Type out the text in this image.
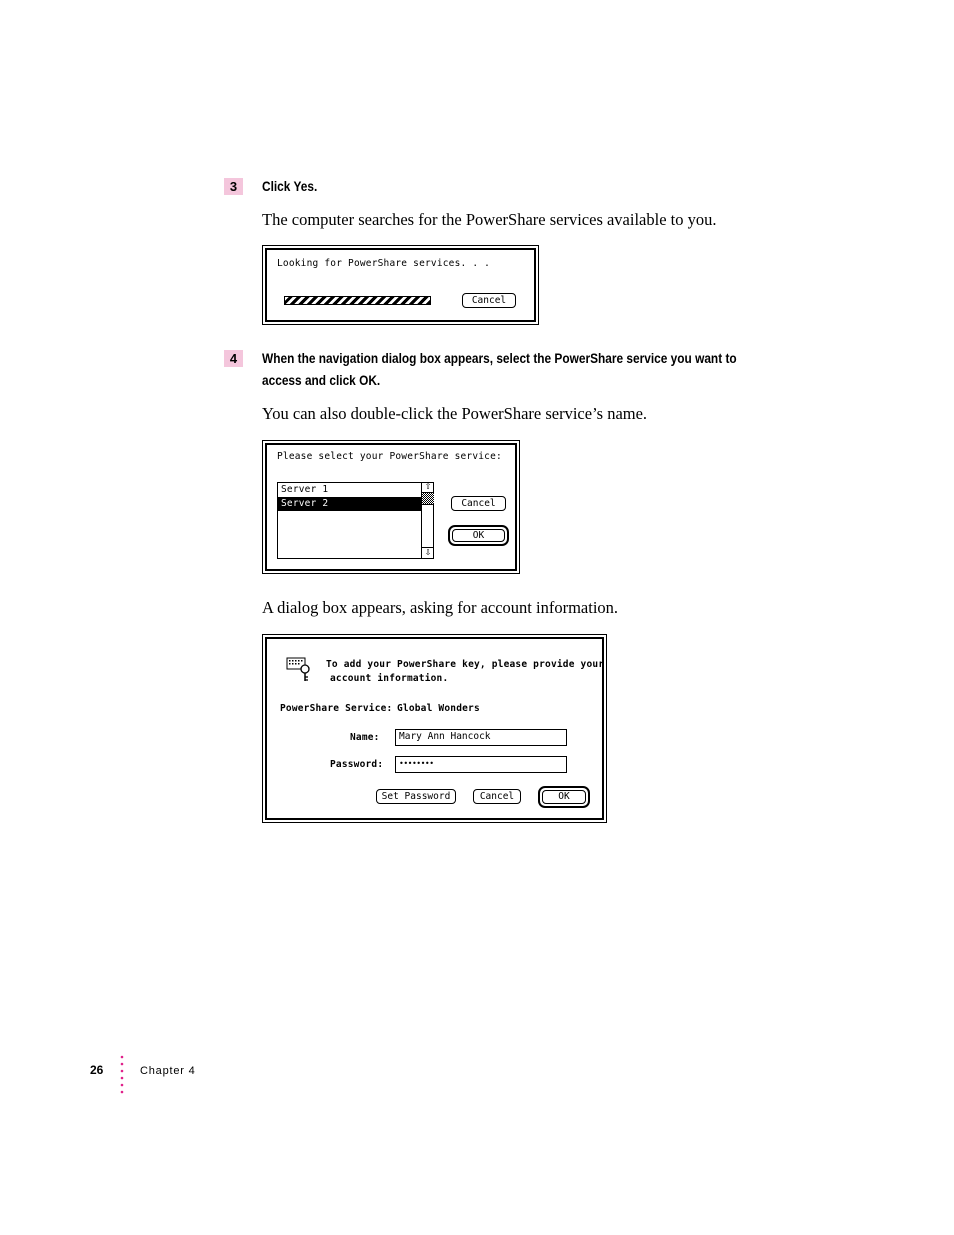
3	Click Yes.
The computer searches for the PowerShare services available to you.
Looking for PowerShare services. . .
Cancel
4	When the navigation dialog box appears, select the PowerShare service you want to
access and click OK.
You can also double-click the PowerShare service’s name.
Please select your PowerShare service:
Server 1
Server 2
⇧
⇩
Cancel
OK
A dialog box appears, asking for account information.
To add your PowerShare key, please provide your
account information.
PowerShare Service: Global Wonders
Name:	Mary Ann Hancock
Password:	••••••••
Set Password	Cancel	OK
26	Chapter 4
